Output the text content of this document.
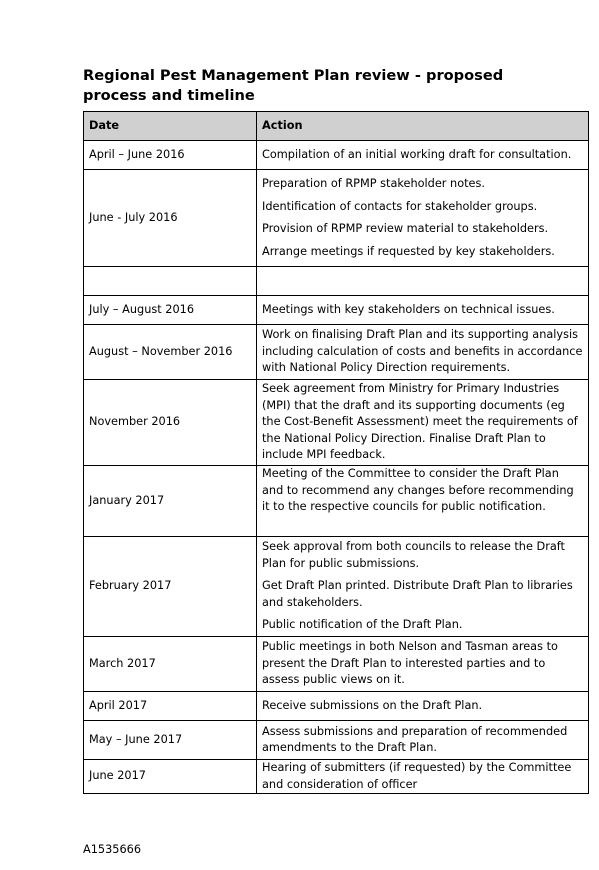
Regional Pest Management Plan review - proposed
process and timeline
Date	Action
April – June 2016	Compilation of an initial working draft for consultation.

June - July 2016	Preparation of RPMP stakeholder notes.

Identification of contacts for stakeholder groups.

Provision of RPMP review material to stakeholders.

Arrange meetings if requested by key stakeholders.

July – August 2016	Meetings with key stakeholders on technical issues.

August – November 2016	Work on finalising Draft Plan and its supporting analysis including calculation of costs and benefits in accordance with National Policy Direction requirements.

November 2016	Seek agreement from Ministry for Primary Industries (MPI) that the draft and its supporting documents (eg the Cost-Benefit Assessment) meet the requirements of the National Policy Direction. Finalise Draft Plan to include MPI feedback.

January 2017	Meeting of the Committee to consider the Draft Plan and to recommend any changes before recommending it to the respective councils for public notification.

February 2017	Seek approval from both councils to release the Draft Plan for public submissions.

Get Draft Plan printed. Distribute Draft Plan to libraries and stakeholders.

Public notification of the Draft Plan.

March 2017	Public meetings in both Nelson and Tasman areas to present the Draft Plan to interested parties and to assess public views on it.

April 2017	Receive submissions on the Draft Plan.

May – June 2017	Assess submissions and preparation of recommended amendments to the Draft Plan.

June 2017	Hearing of submitters (if requested) by the Committee and consideration of officer

A1535666
